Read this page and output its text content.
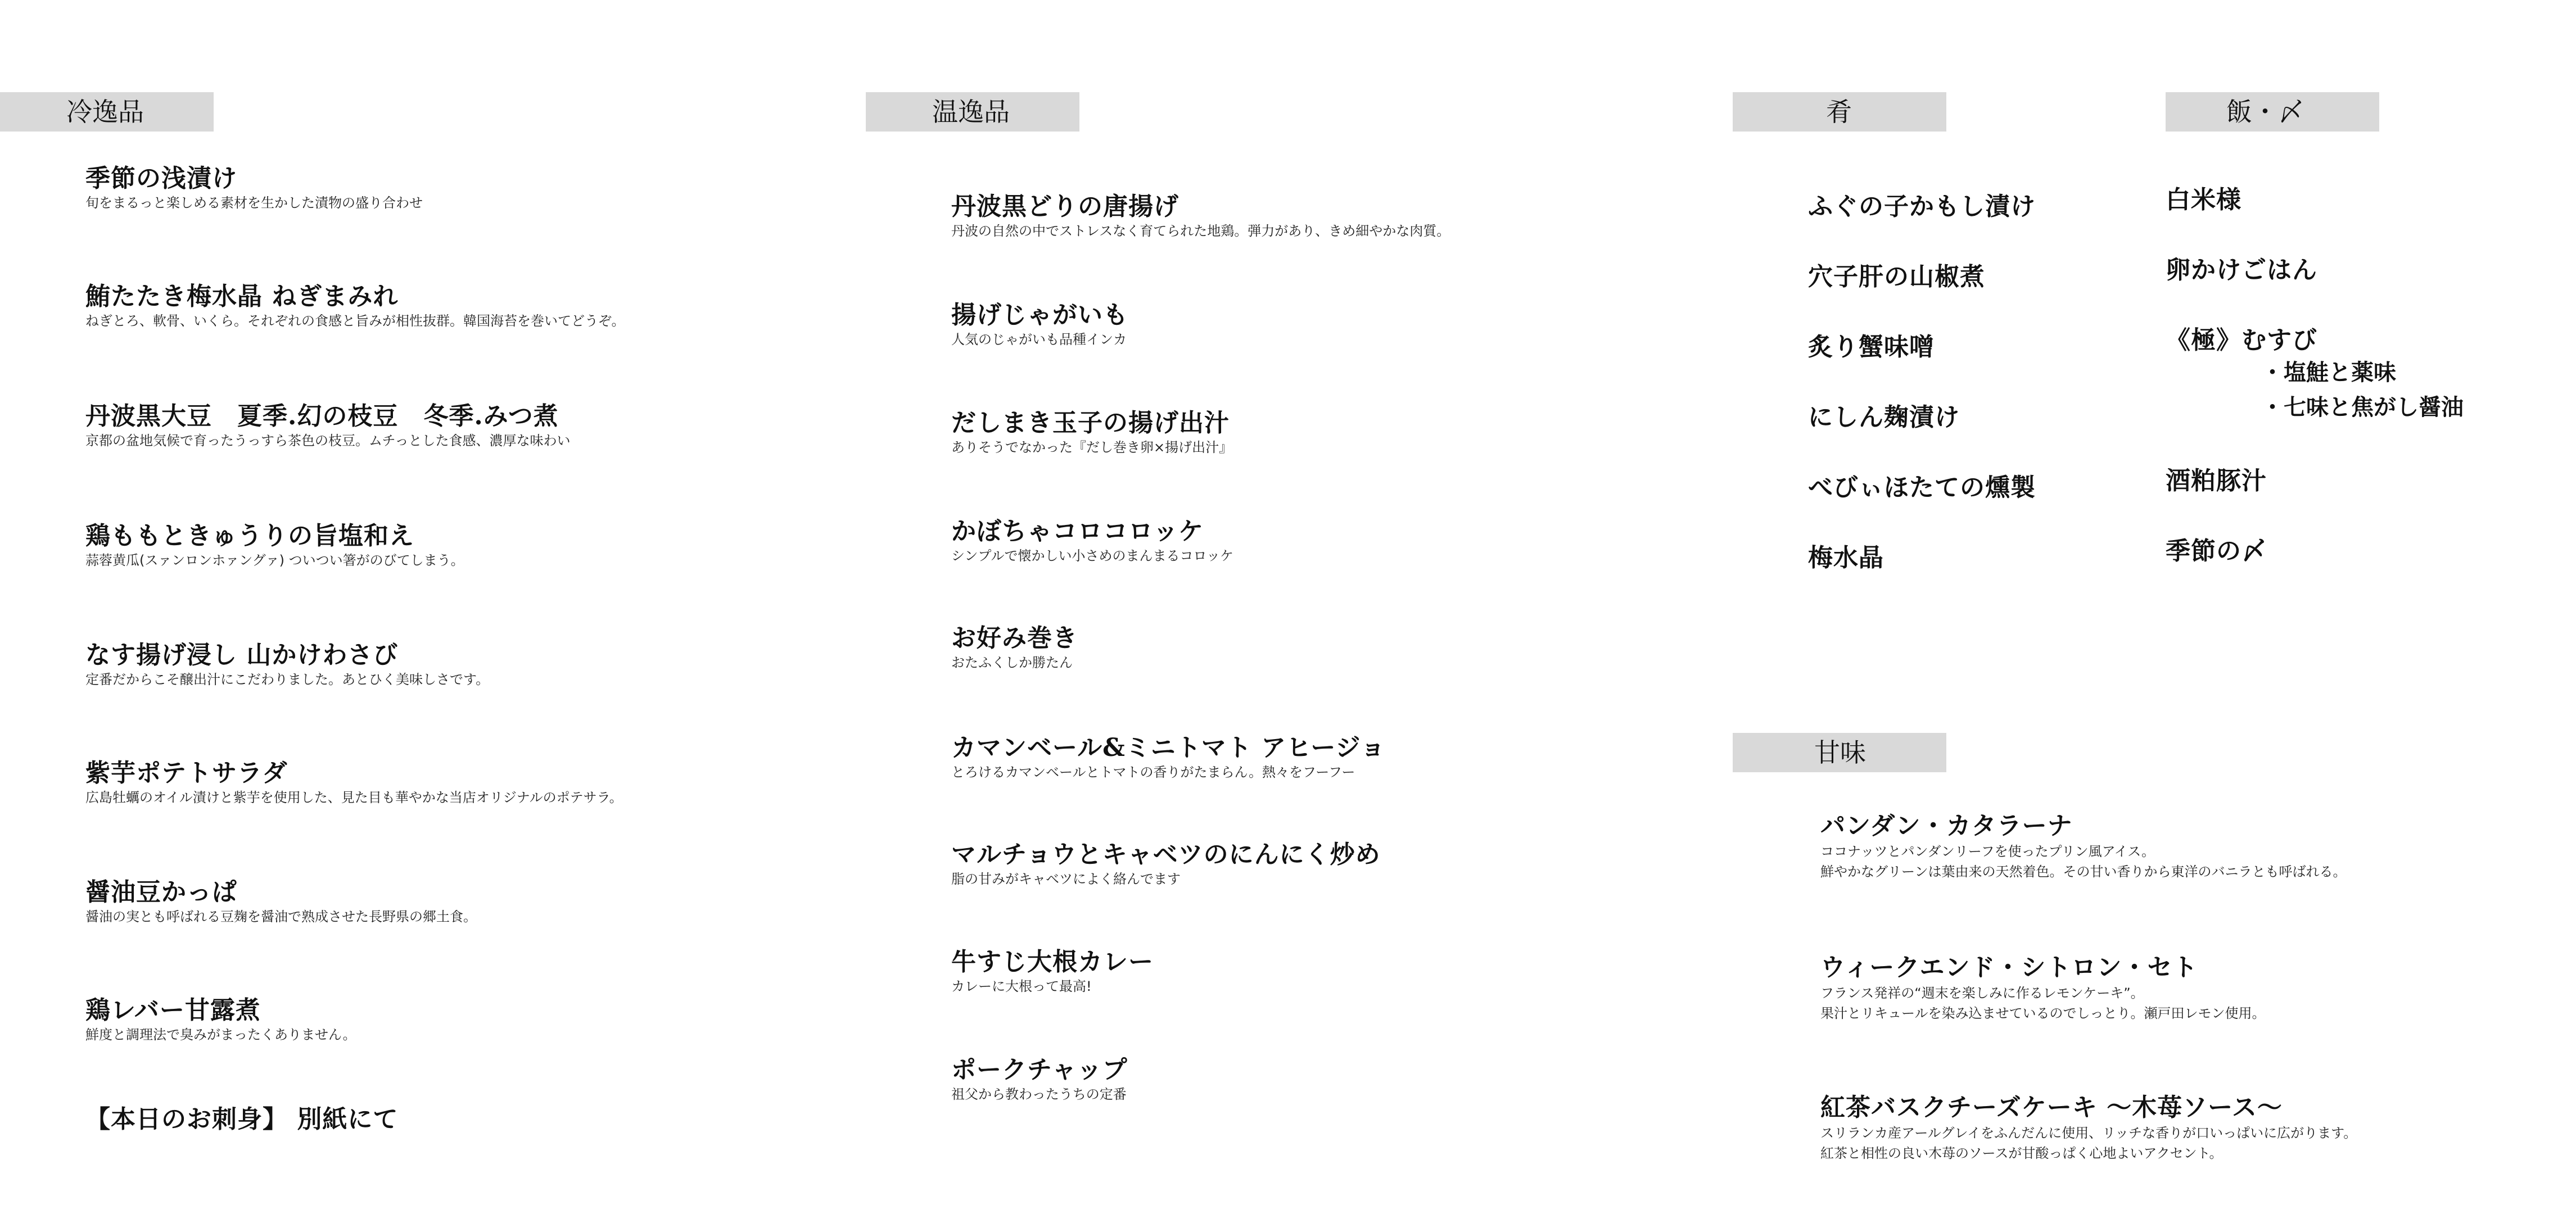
冷逸品
季節の浅漬け
旬をまるっと楽しめる素材を生かした漬物の盛り合わせ
鮪たたき梅水晶 ねぎまみれ
ねぎとろ、軟骨、いくら。それぞれの食感と旨みが相性抜群。韓国海苔を巻いてどうぞ。
丹波黒大豆　夏季.幻の枝豆　冬季.みつ煮
京都の盆地気候で育ったうっすら茶色の枝豆。ムチっとした食感、濃厚な味わい
鶏ももときゅうりの旨塩和え
蒜蓉黄瓜(スァンロンホァングァ) ついつい箸がのびてしまう。
なす揚げ浸し 山かけわさび
定番だからこそ醸出汁にこだわりました。あとひく美味しさです。
紫芋ポテトサラダ
広島牡蠣のオイル漬けと紫芋を使用した、見た目も華やかな当店オリジナルのポテサラ。
醤油豆かっぱ
醤油の実とも呼ばれる豆麹を醤油で熟成させた長野県の郷土食。
鶏レバー甘露煮
鮮度と調理法で臭みがまったくありません。
【本日のお刺身】 別紙にて
温逸品
丹波黒どりの唐揚げ
丹波の自然の中でストレスなく育てられた地鶏。弾力があり、きめ細やかな肉質。
揚げじゃがいも
人気のじゃがいも品種インカ
だしまき玉子の揚げ出汁
ありそうでなかった『だし巻き卵×揚げ出汁』
かぼちゃコロコロッケ
シンプルで懐かしい小さめのまんまるコロッケ
お好み巻き
おたふくしか勝たん
カマンベール&ミニトマト アヒージョ
とろけるカマンベールとトマトの香りがたまらん。熱々をフーフー
マルチョウとキャベツのにんにく炒め
脂の甘みがキャベツによく絡んでます
牛すじ大根カレー
カレーに大根って最高!
ポークチャップ
祖父から教わったうちの定番
肴
ふぐの子かもし漬け
穴子肝の山椒煮
炙り蟹味噌
にしん麹漬け
べびぃほたての燻製
梅水晶
飯・〆
白米様
卵かけごはん
《極》むすび
・塩鮭と薬味
・七味と焦がし醤油
酒粕豚汁
季節の〆
甘味
パンダン・カタラーナ
ココナッツとパンダンリーフを使ったプリン風アイス。
鮮やかなグリーンは葉由来の天然着色。その甘い香りから東洋のバニラとも呼ばれる。
ウィークエンド・シトロン・セト
フランス発祥の“週末を楽しみに作るレモンケーキ”。
果汁とリキュールを染み込ませているのでしっとり。瀬戸田レモン使用。
紅茶バスクチーズケーキ 〜木苺ソース〜
スリランカ産アールグレイをふんだんに使用、リッチな香りが口いっぱいに広がります。
紅茶と相性の良い木苺のソースが甘酸っぱく心地よいアクセント。
